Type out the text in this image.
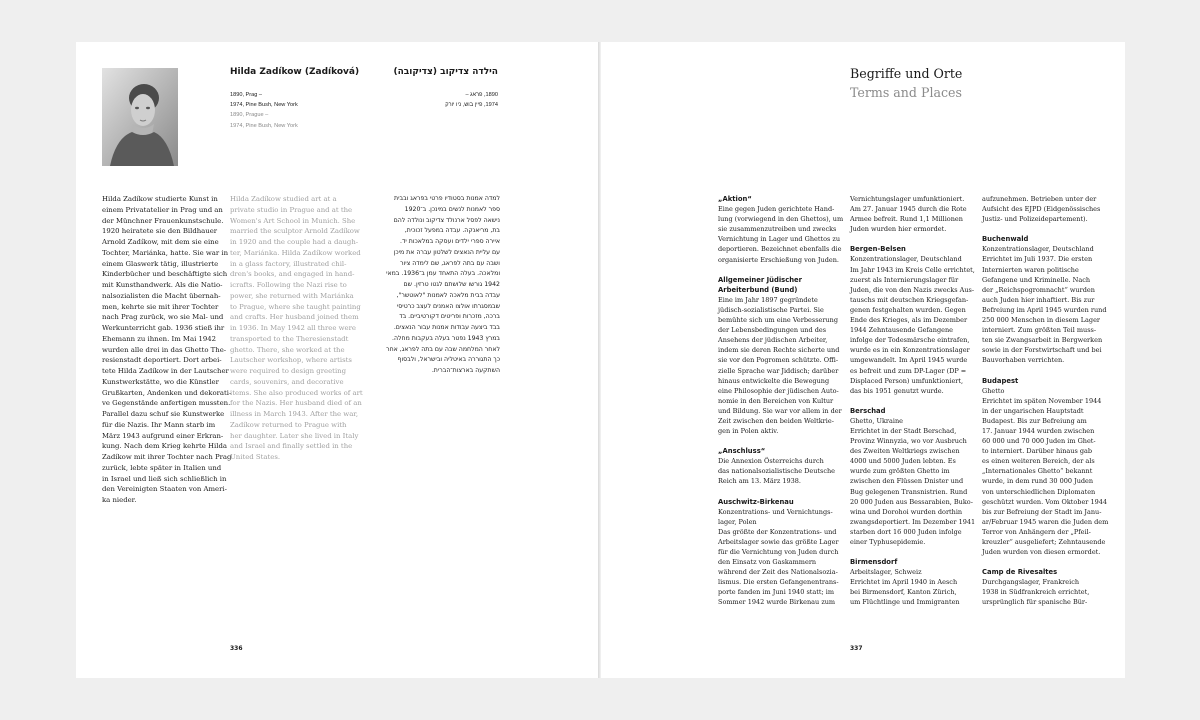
Hilda Zadíkow (Zadíková)	הילדה צדיקוב (צדיקובה)
1890, Prag –
1974, Pine Bush, New York
1890, Prague –
1974, Pine Bush, New York
1890, פראג –
1974, פיין בוש, ניו יורק
Hilda Zadíkow studierte Kunst in
einem Privatatelier in Prag und an
der Münchner Frauenkunstschule.
1920 heiratete sie den Bildhauer
Arnold Zadíkow, mit dem sie eine
Tochter, Mariánka, hatte. Sie war in
einem Glaswerk tätig, illustrierte
Kinderbücher und beschäftigte sich
mit Kunsthandwerk. Als die Natio-
nalsozialisten die Macht übernah-
men, kehrte sie mit ihrer Tochter
nach Prag zurück, wo sie Mal- und
Werkunterricht gab. 1936 stieß ihr
Ehemann zu ihnen. Im Mai 1942
wurden alle drei in das Ghetto The-
resienstadt deportiert. Dort arbei-
tete Hilda Zadíkow in der Lautscher
Kunstwerkstätte, wo die Künstler
Grußkarten, Andenken und dekorati-
ve Gegenstände anfertigen mussten.
Parallel dazu schuf sie Kunstwerke
für die Nazis. Ihr Mann starb im
März 1943 aufgrund einer Erkran-
kung. Nach dem Krieg kehrte Hilda
Zadíkow mit ihrer Tochter nach Prag
zurück, lebte später in Italien und
in Israel und ließ sich schließlich in
den Vereinigten Staaten von Ameri-
ka nieder.
Hilda Zadíkow studied art at a
private studio in Prague and at the
Women's Art School in Munich. She
married the sculptor Arnold Zadíkow
in 1920 and the couple had a daugh-
ter, Mariánka. Hilda Zadíkow worked
in a glass factory, illustrated chil-
dren's books, and engaged in hand-
icrafts. Following the Nazi rise to
power, she returned with Mariánka
to Prague, where she taught painting
and crafts. Her husband joined them
in 1936. In May 1942 all three were
transported to the Theresienstadt
ghetto. There, she worked at the
Lautscher workshop, where artists
were required to design greeting
cards, souvenirs, and decorative
items. She also produced works of art
for the Nazis. Her husband died of an
illness in March 1943. After the war,
Zadíkow returned to Prague with
her daughter. Later she lived in Italy
and Israel and finally settled in the
United States.
למדה אמנות בסטודיו פרטי בפראג ובבית
ספר לאמנות לנשים במינכן. ב־1920
נישאה לפסל ארנולד צדיקוב ונולדה להם
בת, מריאנקה. עבדה במפעל זכוכית,
איירה ספרי ילדים ועסקה במלאכות יד.
עם עליית הנאצים לשלטון עברה את מיכן
ושבה עם בתה לפראג, שם לימדה ציור
ומלאכה. בעלה התאחד עמן ב־1936. במאי
1942 גורשו שלושתם לגטו טרזין. שם
עבדה בבית מלאכה לאמנות "לאוטשר",
שבמסגרתו אולצו האמנים לעצב כרטיסי
ברכה, מזכרות ופריטים דקורטיביים. בד
בבד ביצעה עבודות אמנות עבור הנאצים.
במרץ 1943 נפטר בעלה בעקבות מחלה.
לאחר המלחמה שבה עם בתה לפראג, אחר
כך התגוררה באיטליה ובישראל, ולבסוף
השתקעה בארצות־הברית.
336
Begriffe und Orte
Terms and Places
„Aktion“
Eine gegen Juden gerichtete Hand-
lung (vorwiegend in den Ghettos), um
sie zusammenzutreiben und zwecks
Vernichtung in Lager und Ghettos zu
deportieren. Bezeichnet ebenfalls die
organisierte Erschießung von Juden.
Allgemeiner Jüdischer
Arbeiterbund (Bund)
Eine im Jahr 1897 gegründete
jüdisch-sozialistische Partei. Sie
bemühte sich um eine Verbesserung
der Lebensbedingungen und des
Ansehens der jüdischen Arbeiter,
indem sie deren Rechte sicherte und
sie vor den Pogromen schützte. Offi-
zielle Sprache war Jiddisch; darüber
hinaus entwickelte die Bewegung
eine Philosophie der jüdischen Auto-
nomie in den Bereichen von Kultur
und Bildung. Sie war vor allem in der
Zeit zwischen den beiden Weltkrie-
gen in Polen aktiv.
„Anschluss“
Die Annexion Österreichs durch
das nationalsozialistische Deutsche
Reich am 13. März 1938.
Auschwitz-Birkenau
Konzentrations- und Vernichtungs-
lager, Polen
Das größte der Konzentrations- und
Arbeitslager sowie das größte Lager
für die Vernichtung von Juden durch
den Einsatz von Gaskammern
während der Zeit des Nationalsozia-
lismus. Die ersten Gefangenentrans-
porte fanden im Juni 1940 statt; im
Sommer 1942 wurde Birkenau zum
Vernichtungslager umfunktioniert.
Am 27. Januar 1945 durch die Rote
Armee befreit. Rund 1,1 Millionen
Juden wurden hier ermordet.
Bergen-Belsen
Konzentrationslager, Deutschland
Im Jahr 1943 im Kreis Celle errichtet,
zuerst als Internierungslager für
Juden, die von den Nazis zwecks Aus-
tauschs mit deutschen Kriegsgefan-
genen festgehalten wurden. Gegen
Ende des Krieges, als im Dezember
1944 Zehntausende Gefangene
infolge der Todesmärsche eintrafen,
wurde es in ein Konzentrationslager
umgewandelt. Im April 1945 wurde
es befreit und zum DP-Lager (DP =
Displaced Person) umfunktioniert,
das bis 1951 genutzt wurde.
Berschad
Ghetto, Ukraine
Errichtet in der Stadt Berschad,
Provinz Winnyzia, wo vor Ausbruch
des Zweiten Weltkriegs zwischen
4000 und 5000 Juden lebten. Es
wurde zum größten Ghetto im
zwischen den Flüssen Dnister und
Bug gelegenen Transnistrien. Rund
20 000 Juden aus Bessarabien, Buko-
wina und Dorohoi wurden dorthin
zwangsdeportiert. Im Dezember 1941
starben dort 16 000 Juden infolge
einer Typhusepidemie.
Birmensdorf
Arbeitslager, Schweiz
Errichtet im April 1940 in Aesch
bei Birmensdorf, Kanton Zürich,
um Flüchtlinge und Immigranten
aufzunehmen. Betrieben unter der
Aufsicht des EJPD (Eidgenössisches
Justiz- und Polizeidepartement).
Buchenwald
Konzentrationslager, Deutschland
Errichtet im Juli 1937. Die ersten
Internierten waren politische
Gefangene und Kriminelle. Nach
der „Reichspogromnacht“ wurden
auch Juden hier inhaftiert. Bis zur
Befreiung im April 1945 wurden rund
250 000 Menschen in diesem Lager
interniert. Zum größten Teil muss-
ten sie Zwangsarbeit in Bergwerken
sowie in der Forstwirtschaft und bei
Bauvorhaben verrichten.
Budapest
Ghetto
Errichtet im späten November 1944
in der ungarischen Hauptstadt
Budapest. Bis zur Befreiung am
17. Januar 1944 wurden zwischen
60 000 und 70 000 Juden im Ghet-
to interniert. Darüber hinaus gab
es einen weiteren Bereich, der als
„Internationales Ghetto“ bekannt
wurde, in dem rund 30 000 Juden
von unterschiedlichen Diplomaten
geschützt wurden. Vom Oktober 1944
bis zur Befreiung der Stadt im Janu-
ar/Februar 1945 waren die Juden dem
Terror von Anhängern der „Pfeil-
kreuzler“ ausgeliefert; Zehntausende
Juden wurden von diesen ermordet.
Camp de Rivesaltes
Durchgangslager, Frankreich
1938 in Südfrankreich errichtet,
ursprünglich für spanische Bür-
337
